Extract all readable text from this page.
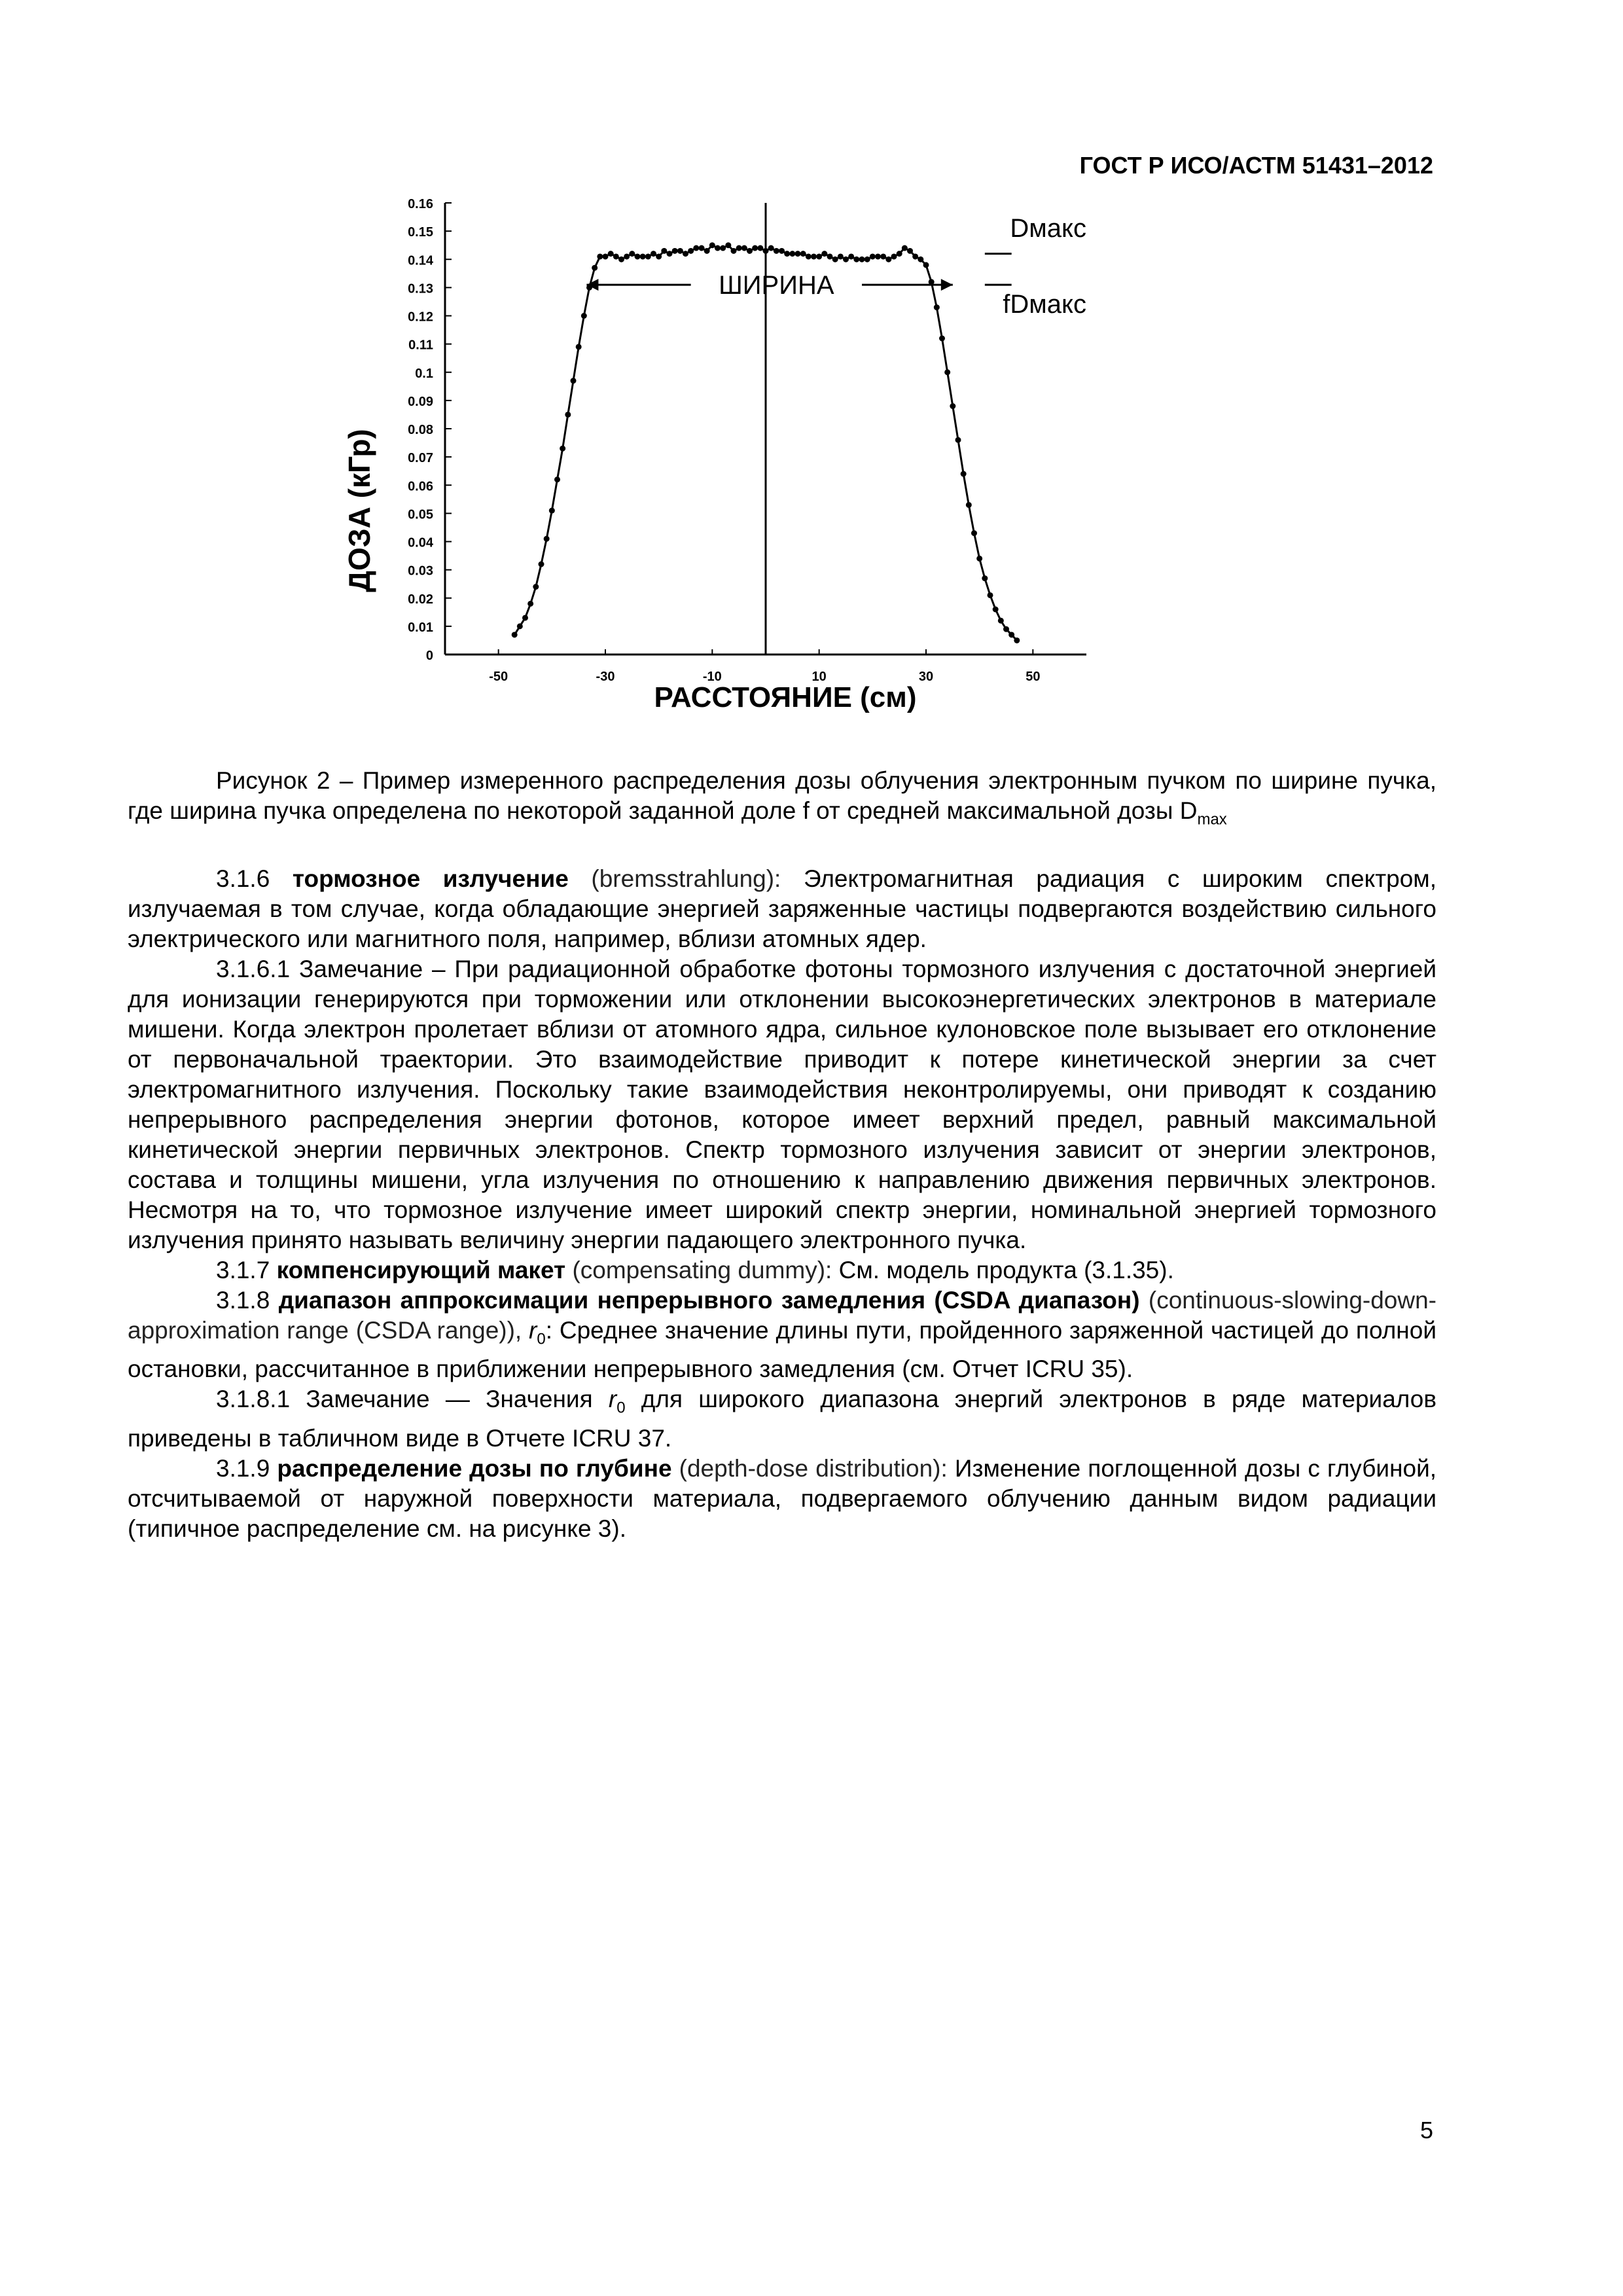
ГОСТ Р ИСО/АСТМ 51431–2012
0
0.01
0.02
0.03
0.04
0.05
0.06
0.07
0.08
0.09
0.1
0.11
0.12
0.13
0.14
0.15
0.16
-50	-30	-10	10	30	50
ШИРИНА
Dмакс
fDмакс
ДОЗА (кГр)
РАССТОЯНИЕ (см)
Рисунок 2 – Пример измеренного распределения дозы облучения электронным пучком по ширине пучка, где ширина пучка определена по некоторой заданной доле f от средней максимальной дозы $D_{max}$

3.1.6 тормозное излучение (bremsstrahlung): Электромагнитная радиация с широким спектром, излучаемая в том случае, когда обладающие энергией заряженные частицы подвергаются воздействию сильного электрического или магнитного поля, например, вблизи атомных ядер.

3.1.6.1 Замечание – При радиационной обработке фотоны тормозного излучения с достаточной энергией для ионизации генерируются при торможении или отклонении высокоэнергетических электронов в материале мишени. Когда электрон пролетает вблизи от атомного ядра, сильное кулоновское поле вызывает его отклонение от первоначальной траектории. Это взаимодействие приводит к потере кинетической энергии за счет электромагнитного излучения. Поскольку такие взаимодействия неконтролируемы, они приводят к созданию непрерывного распределения энергии фотонов, которое имеет верхний предел, равный максимальной кинетической энергии первичных электронов. Спектр тормозного излучения зависит от энергии электронов, состава и толщины мишени, угла излучения по отношению к направлению движения первичных электронов. Несмотря на то, что тормозное излучение имеет широкий спектр энергии, номинальной энергией тормозного излучения принято называть величину энергии падающего электронного пучка.

3.1.7 компенсирующий макет (compensating dummy): См. модель продукта (3.1.35).

3.1.8 диапазон аппроксимации непрерывного замедления (CSDA диапазон) (continuous-slowing-down-approximation range (CSDA range)), $r_0$: Среднее значение длины пути, пройденного заряженной частицей до полной остановки, рассчитанное в приближении непрерывного замедления (см. Отчет ICRU 35).

3.1.8.1 Замечание — Значения $r_0$ для широкого диапазона энергий электронов в ряде материалов приведены в табличном виде в Отчете ICRU 37.

3.1.9 распределение дозы по глубине (depth-dose distribution): Изменение поглощенной дозы с глубиной, отсчитываемой от наружной поверхности материала, подвергаемого облучению данным видом радиации (типичное распределение см. на рисунке 3).

5
